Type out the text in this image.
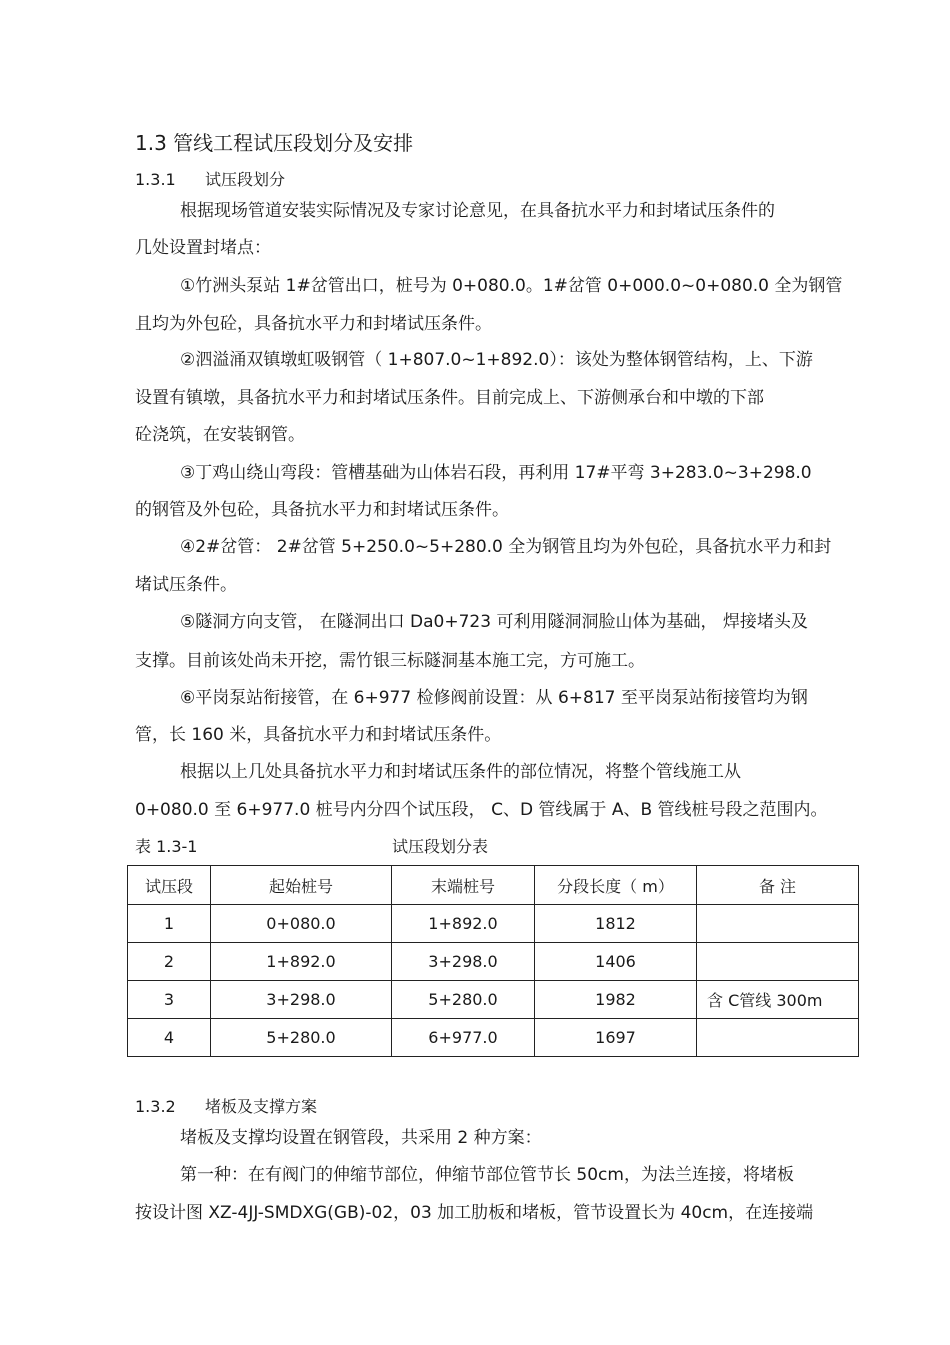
1.3 管线工程试压段划分及安排
1.3.1 试压段划分
根据现场管道安装实际情况及专家讨论意见，在具备抗水平力和封堵试压条件的
几处设置封堵点：
①竹洲头泵站 1#岔管出口，桩号为 0+080.0。1#岔管 0+000.0~0+080.0 全为钢管
且均为外包砼，具备抗水平力和封堵试压条件。
②泗溢涌双镇墩虹吸钢管（ 1+807.0~1+892.0）：该处为整体钢管结构，上、下游
设置有镇墩，具备抗水平力和封堵试压条件。目前完成上、下游侧承台和中墩的下部
砼浇筑，在安装钢管。
③丁鸡山绕山弯段：管槽基础为山体岩石段，再利用 17#平弯 3+283.0~3+298.0
的钢管及外包砼，具备抗水平力和封堵试压条件。
④2#岔管： 2#岔管 5+250.0~5+280.0 全为钢管且均为外包砼，具备抗水平力和封
堵试压条件。
⑤隧洞方向支管， 在隧洞出口 Da0+723 可利用隧洞洞脸山体为基础， 焊接堵头及
支撑。目前该处尚未开挖，需竹银三标隧洞基本施工完，方可施工。
⑥平岗泵站衔接管，在 6+977 检修阀前设置：从 6+817 至平岗泵站衔接管均为钢
管，长 160 米，具备抗水平力和封堵试压条件。
根据以上几处具备抗水平力和封堵试压条件的部位情况，将整个管线施工从
0+080.0 至 6+977.0 桩号内分四个试压段， C、D 管线属于 A、B 管线桩号段之范围内。
表 1.3-1	试压段划分表
试压段	起始桩号	末端桩号	分段长度（ m）	备 注
1	0+080.0	1+892.0	1812	
2	1+892.0	3+298.0	1406	
3	3+298.0	5+280.0	1982	含 C管线 300m
4	5+280.0	6+977.0	1697	
1.3.2 堵板及支撑方案
堵板及支撑均设置在钢管段，共采用 2 种方案：
第一种：在有阀门的伸缩节部位，伸缩节部位管节长 50cm，为法兰连接，将堵板
按设计图 XZ-4JJ-SMDXG(GB)-02，03 加工肋板和堵板，管节设置长为 40cm，在连接端
